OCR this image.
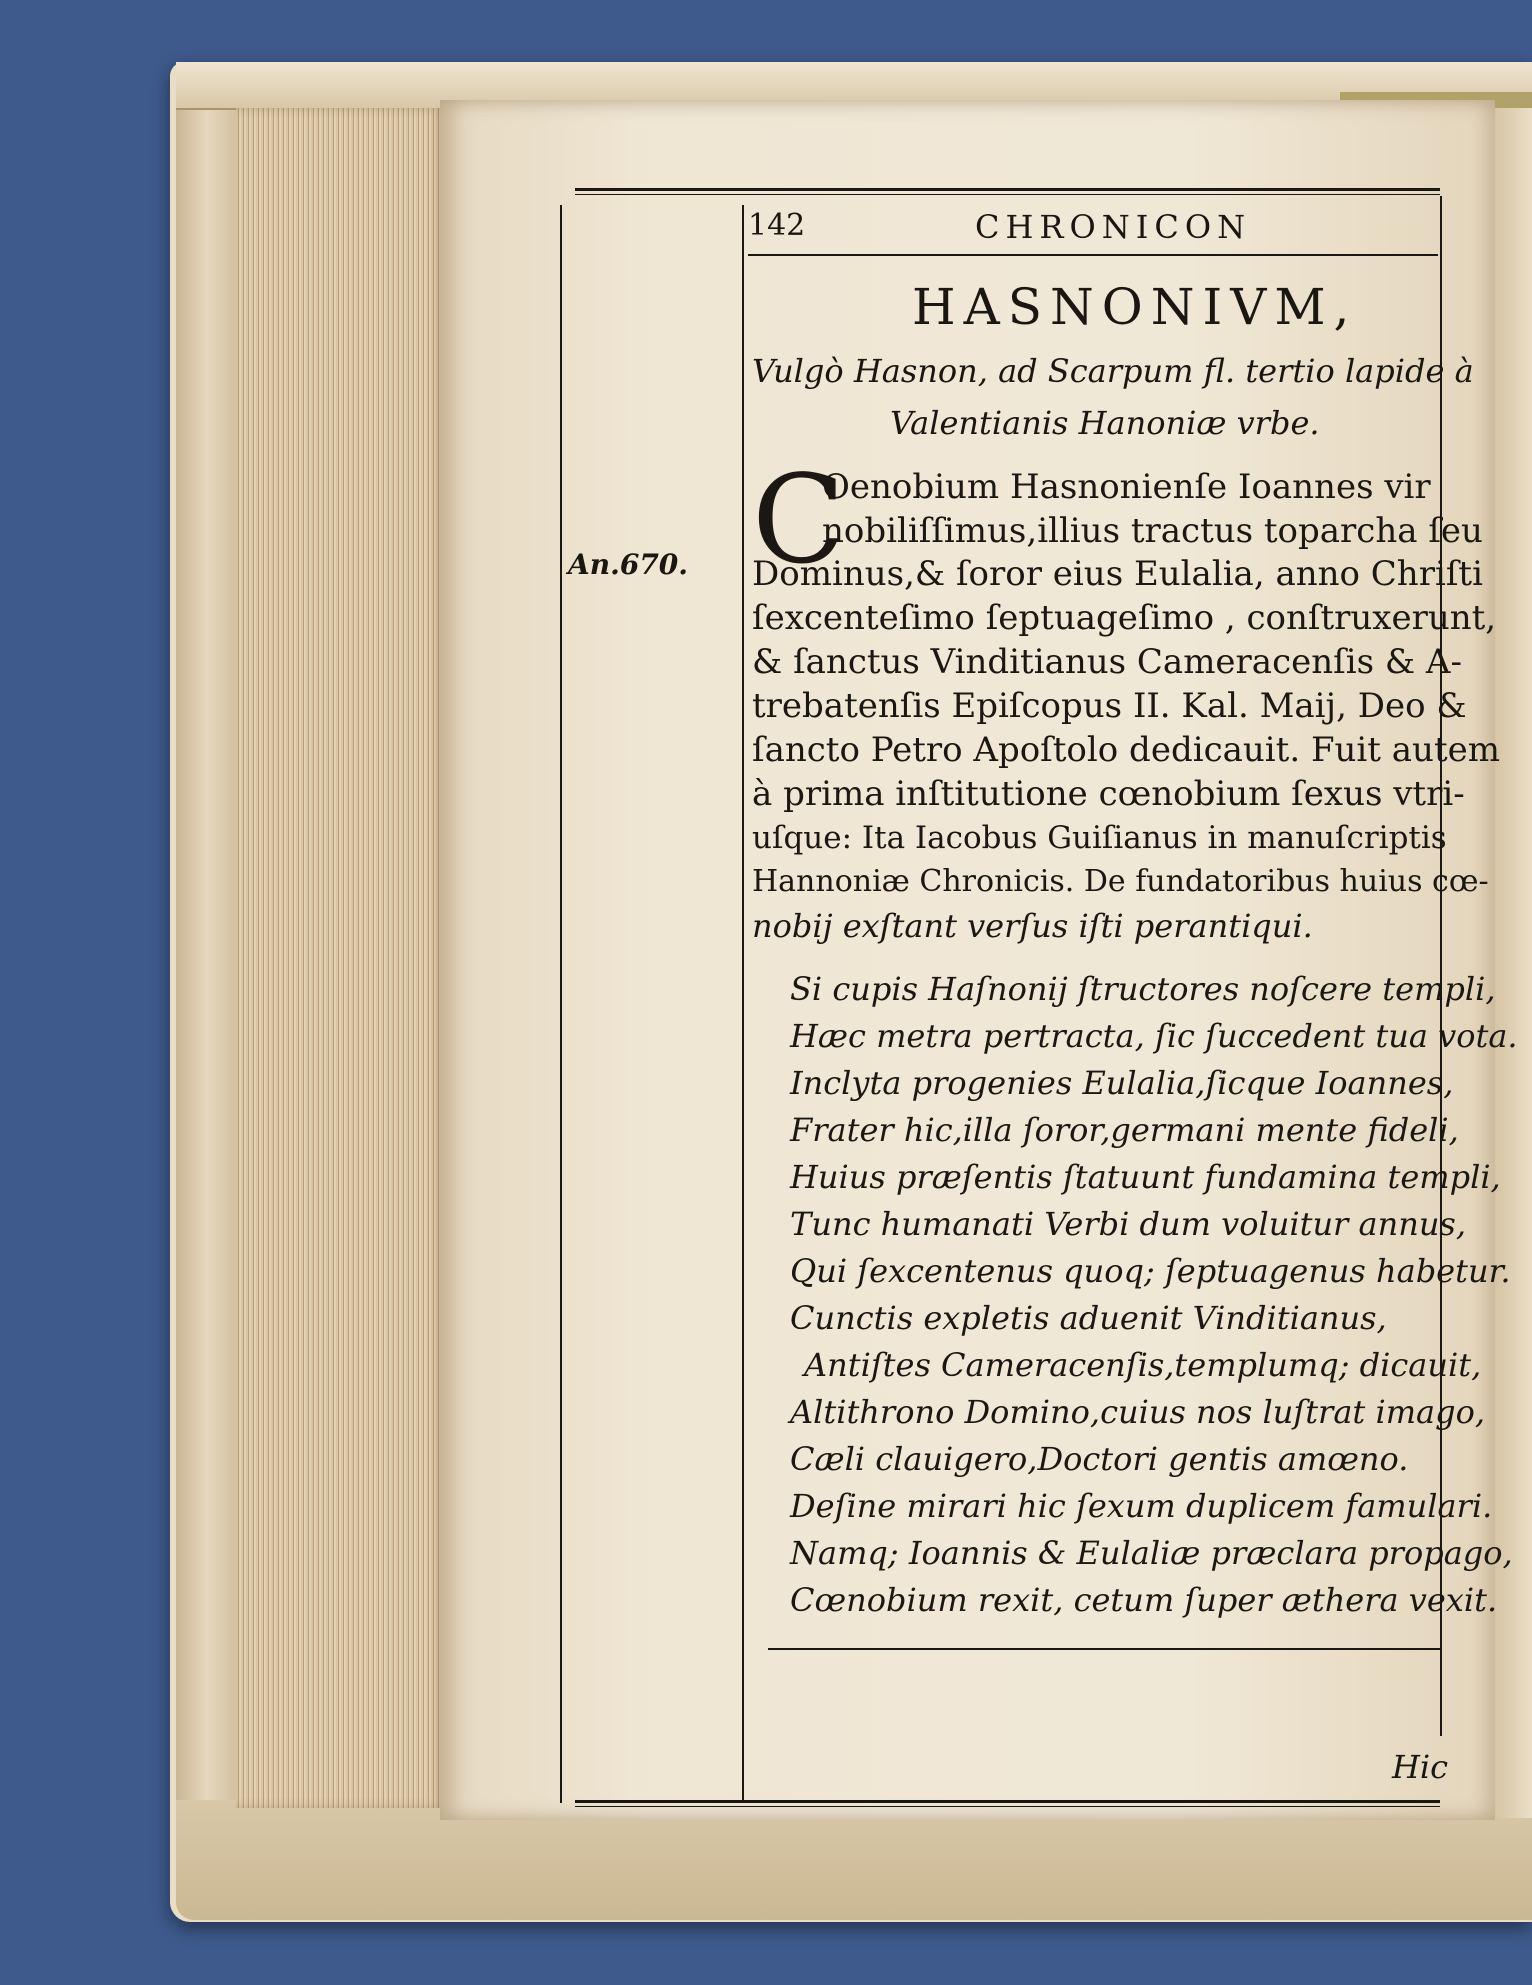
142	CHRONICON
HASNONIVM,
Vulgò Hasnon, ad Scarpum fl. tertio lapide à
Valentianis Hanoniæ vrbe.
An.670. C
Oenobium Hasnonienſe Ioannes vir
nobiliſſimus,illius tractus toparcha ſeu
Dominus,& ſoror eius Eulalia, anno Chriſti
ſexcenteſimo ſeptuageſimo , conſtruxerunt,
& ſanctus Vinditianus Cameracenſis & A-
trebatenſis Epiſcopus II. Kal. Maij, Deo &
ſancto Petro Apoſtolo dedicauit. Fuit autem
à prima inſtitutione cœnobium ſexus vtri-
uſque: Ita Iacobus Guiſianus in manuſcriptis
Hannoniæ Chronicis. De fundatoribus huius cœ-
nobij exſtant verſus iſti perantiqui.
Si cupis Haſnonij ſtructores noſcere templi,
Hæc metra pertracta, ſic ſuccedent tua vota.
Inclyta progenies Eulalia,ſicque Ioannes,
Frater hic,illa ſoror,germani mente fideli,
Huius præſentis ſtatuunt fundamina templi,
Tunc humanati Verbi dum voluitur annus,
Qui ſexcentenus quoq; ſeptuagenus habetur.
Cunctis expletis aduenit Vinditianus,
Antiſtes Cameracenſis,templumq; dicauit,
Altithrono Domino,cuius nos luſtrat imago,
Cæli clauigero,Doctori gentis amœno.
Deſine mirari hic ſexum duplicem famulari.
Namq; Ioannis & Eulaliæ præclara propago,
Cœnobium rexit, cetum ſuper æthera vexit.
Hic
